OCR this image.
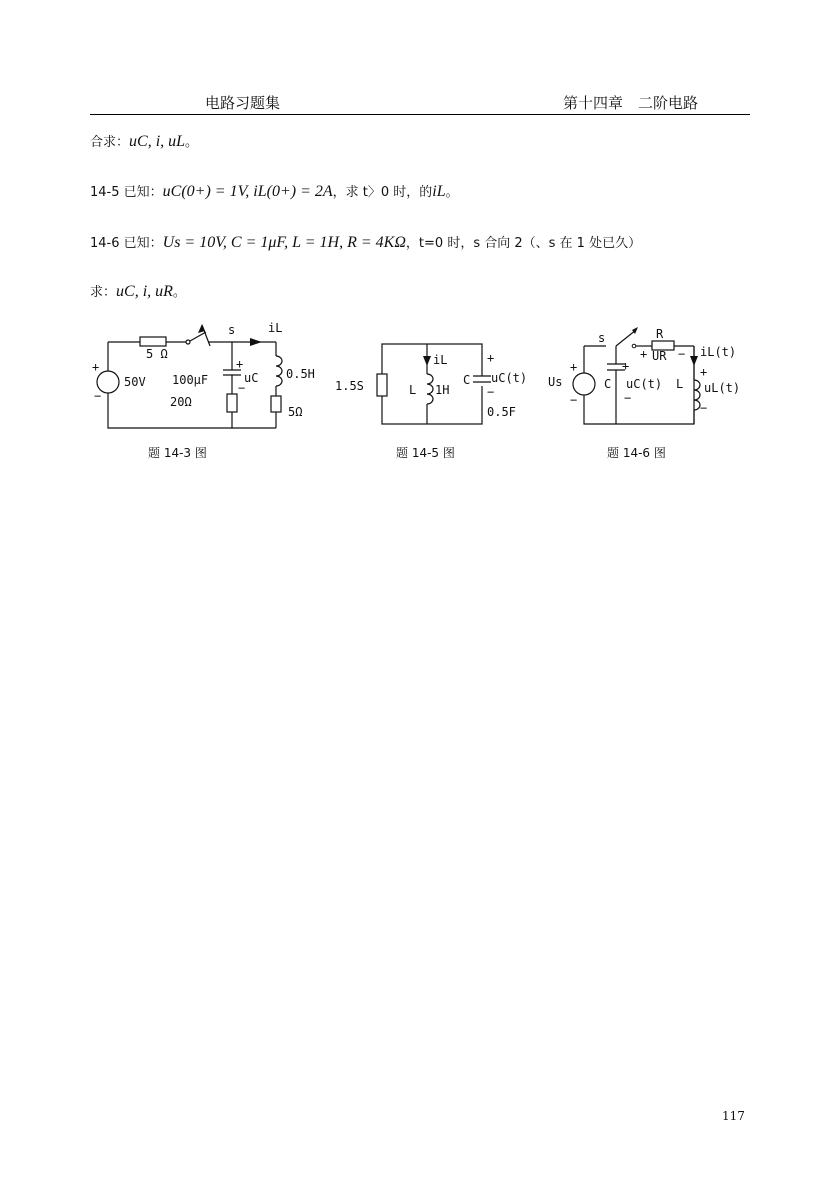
电路习题集	第十四章　二阶电路
合求：uC, i, uL。
14-5 已知：uC(0+) = 1V, iL(0+) = 2A，求 t〉0 时，的iL。
14-6 已知：Us = 10V, C = 1μF, L = 1H, R = 4KΩ，t=0 时，s 合向 2（、s 在 1 处已久）
求：uC, i, uR。
+
−
50V
5 Ω
s	iL
100μF
+
uC
−
20Ω
0.5H
5Ω
1.5S
iL
L 1H
C
+
uC(t)
−
0.5F
Us
+
−
s	R
+ UR − iL(t)
C
+
uC(t)
−
L
+
uL(t)
−
题 14-3 图	题 14-5 图	题 14-6 图
117
